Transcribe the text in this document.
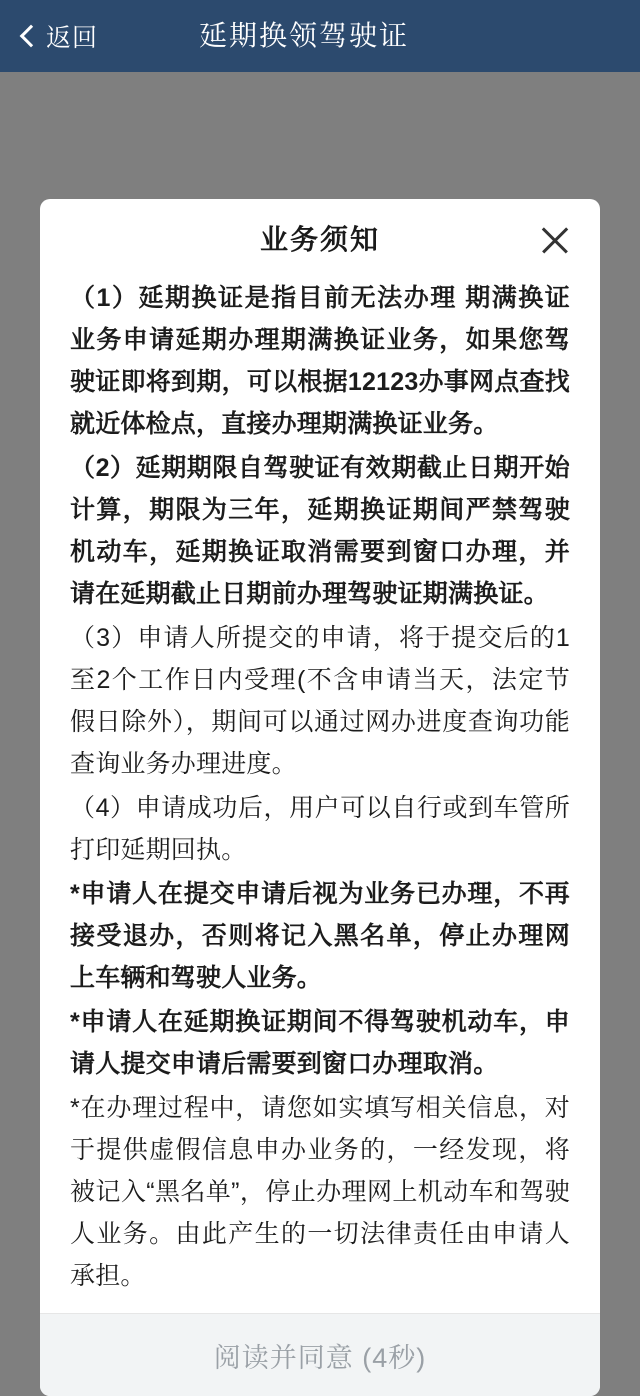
返回	延期换领驾驶证
业务须知

（1）延期换证是指目前无法办理 期满换证 业务申请延期办理期满换证业务，如果您驾驶证即将到期，可以根据12123办事网点查找就近体检点，直接办理期满换证业务。

（2）延期期限自驾驶证有效期截止日期开始计算，期限为三年，延期换证期间严禁驾驶机动车，延期换证取消需要到窗口办理，并请在延期截止日期前办理驾驶证期满换证。

（3）申请人所提交的申请，将于提交后的1至2个工作日内受理(不含申请当天，法定节假日除外），期间可以通过网办进度查询功能查询业务办理进度。

（4）申请成功后，用户可以自行或到车管所打印延期回执。

*申请人在提交申请后视为业务已办理，不再接受退办，否则将记入黑名单，停止办理网上车辆和驾驶人业务。

*申请人在延期换证期间不得驾驶机动车，申请人提交申请后需要到窗口办理取消。

*在办理过程中，请您如实填写相关信息，对于提供虚假信息申办业务的，一经发现，将被记入“黑名单”，停止办理网上机动车和驾驶人业务。由此产生的一切法律责任由申请人承担。

阅读并同意 (4秒)
